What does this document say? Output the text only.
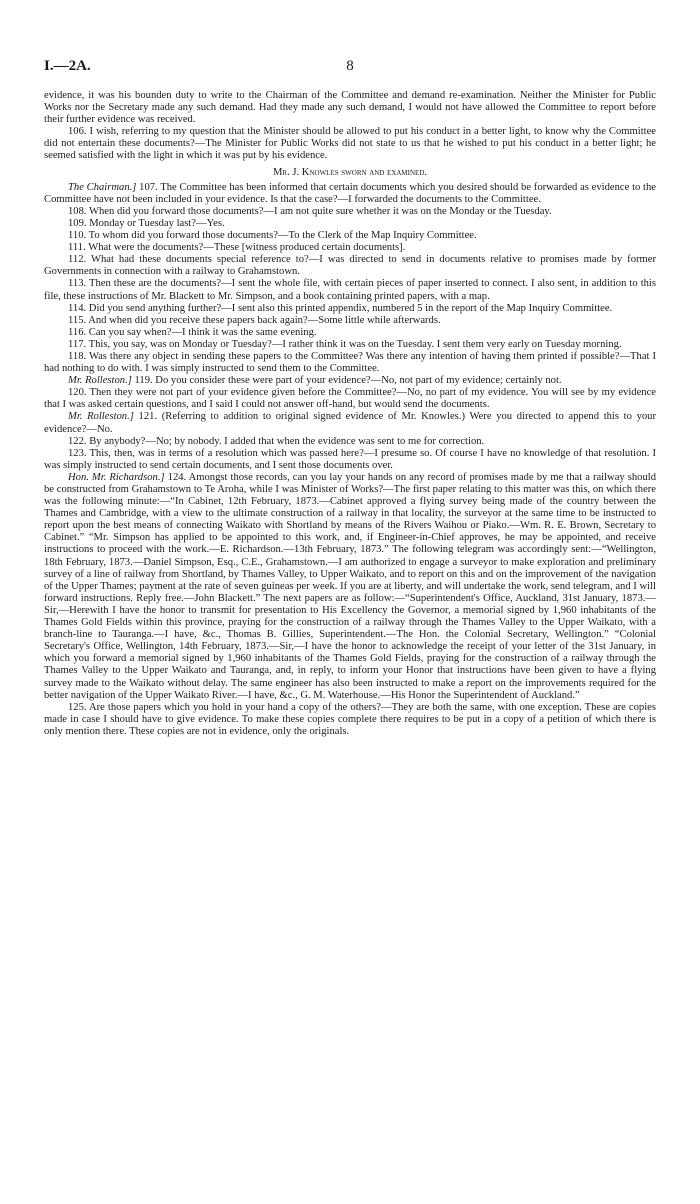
I.—2A.	8

evidence, it was his bounden duty to write to the Chairman of the Committee and demand re-examination. Neither the Minister for Public Works nor the Secretary made any such demand. Had they made any such demand, I would not have allowed the Committee to report before their further evidence was received.

106. I wish, referring to my question that the Minister should be allowed to put his conduct in a better light, to know why the Committee did not entertain these documents?—The Minister for Public Works did not state to us that he wished to put his conduct in a better light; he seemed satisfied with the light in which it was put by his evidence.

Mr. J. Knowles sworn and examined.

The Chairman.] 107. The Committee has been informed that certain documents which you desired should be forwarded as evidence to the Committee have not been included in your evidence. Is that the case?—I forwarded the documents to the Committee.

108. When did you forward those documents?—I am not quite sure whether it was on the Monday or the Tuesday.

109. Monday or Tuesday last?—Yes.

110. To whom did you forward those documents?—To the Clerk of the Map Inquiry Committee.

111. What were the documents?—These [witness produced certain documents].

112. What had these documents special reference to?—I was directed to send in documents relative to promises made by former Governments in connection with a railway to Grahamstown.

113. Then these are the documents?—I sent the whole file, with certain pieces of paper inserted to connect. I also sent, in addition to this file, these instructions of Mr. Blackett to Mr. Simpson, and a book containing printed papers, with a map.

114. Did you send anything further?—I sent also this printed appendix, numbered 5 in the report of the Map Inquiry Committee.

115. And when did you receive these papers back again?—Some little while afterwards.

116. Can you say when?—I think it was the same evening.

117. This, you say, was on Monday or Tuesday?—I rather think it was on the Tuesday. I sent them very early on Tuesday morning.

118. Was there any object in sending these papers to the Committee? Was there any intention of having them printed if possible?—That I had nothing to do with. I was simply instructed to send them to the Committee.

Mr. Rolleston.] 119. Do you consider these were part of your evidence?—No, not part of my evidence; certainly not.

120. Then they were not part of your evidence given before the Committee?—No, no part of my evidence. You will see by my evidence that I was asked certain questions, and I said I could not answer off-hand, but would send the documents.

Mr. Rolleston.] 121. (Referring to addition to original signed evidence of Mr. Knowles.) Were you directed to append this to your evidence?—No.

122. By anybody?—No; by nobody. I added that when the evidence was sent to me for correction.

123. This, then, was in terms of a resolution which was passed here?—I presume so. Of course I have no knowledge of that resolution. I was simply instructed to send certain documents, and I sent those documents over.

Hon. Mr. Richardson.] 124. Amongst those records, can you lay your hands on any record of promises made by me that a railway should be constructed from Grahamstown to Te Aroha, while I was Minister of Works?—The first paper relating to this matter was this, on which there was the following minute:—“In Cabinet, 12th February, 1873.—Cabinet approved a flying survey being made of the country between the Thames and Cambridge, with a view to the ultimate construction of a railway in that locality, the surveyor at the same time to be instructed to report upon the best means of connecting Waikato with Shortland by means of the Rivers Waihou or Piako.—Wm. R. E. Brown, Secretary to Cabinet.” “Mr. Simpson has applied to be appointed to this work, and, if Engineer-in-Chief approves, he may be appointed, and receive instructions to proceed with the work.—E. Richardson.—13th February, 1873.” The following telegram was accordingly sent:—“Wellington, 18th February, 1873.—Daniel Simpson, Esq., C.E., Grahamstown.—I am authorized to engage a surveyor to make exploration and preliminary survey of a line of railway from Shortland, by Thames Valley, to Upper Waikato, and to report on this and on the improvement of the navigation of the Upper Thames; payment at the rate of seven guineas per week. If you are at liberty, and will undertake the work, send telegram, and I will forward instructions. Reply free.—John Blackett.” The next papers are as follow:—“Superintendent's Office, Auckland, 31st January, 1873.—Sir,—Herewith I have the honor to transmit for presentation to His Excellency the Governor, a memorial signed by 1,960 inhabitants of the Thames Gold Fields within this province, praying for the construction of a railway through the Thames Valley to the Upper Waikato, with a branch-line to Tauranga.—I have, &c., Thomas B. Gillies, Superintendent.—The Hon. the Colonial Secretary, Wellington.” “Colonial Secretary's Office, Wellington, 14th February, 1873.—Sir,—I have the honor to acknowledge the receipt of your letter of the 31st January, in which you forward a memorial signed by 1,960 inhabitants of the Thames Gold Fields, praying for the construction of a railway through the Thames Valley to the Upper Waikato and Tauranga, and, in reply, to inform your Honor that instructions have been given to have a flying survey made to the Waikato without delay. The same engineer has also been instructed to make a report on the improvements required for the better navigation of the Upper Waikato River.—I have, &c., G. M. Waterhouse.—His Honor the Superintendent of Auckland.”

125. Are those papers which you hold in your hand a copy of the others?—They are both the same, with one exception. These are copies made in case I should have to give evidence. To make these copies complete there requires to be put in a copy of a petition of which there is only mention there. These copies are not in evidence, only the originals.
